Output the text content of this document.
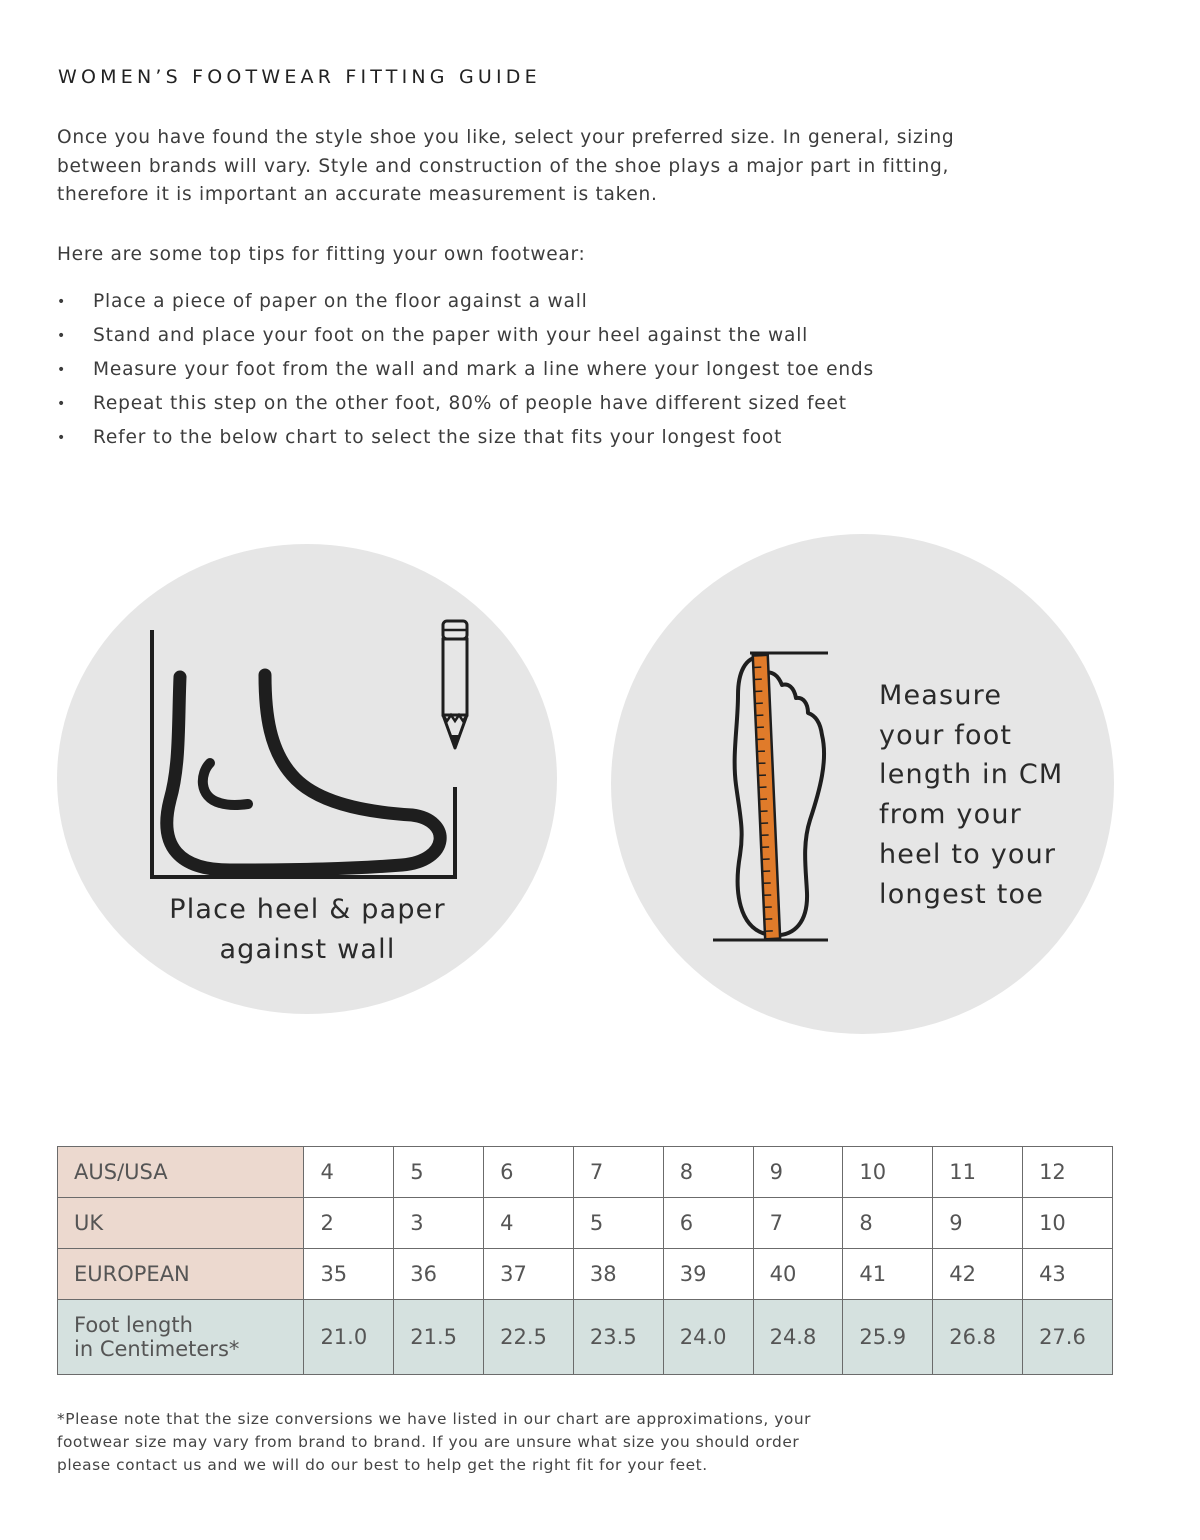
WOMEN’S FOOTWEAR FITTING GUIDE

Once you have found the style shoe you like, select your preferred size. In general, sizing between brands will vary. Style and construction of the shoe plays a major part in fitting, therefore it is important an accurate measurement is taken.

Here are some top tips for fitting your own footwear:

• Place a piece of paper on the floor against a wall
• Stand and place your foot on the paper with your heel against the wall
• Measure your foot from the wall and mark a line where your longest toe ends
• Repeat this step on the other foot, 80% of people have different sized feet
• Refer to the below chart to select the size that fits your longest foot

Place heel & paper
against wall

Measure
your foot
length in CM
from your
heel to your
longest toe

AUS/USA	4	5	6	7	8	9	10	11	12
UK	2	3	4	5	6	7	8	9	10
EUROPEAN	35	36	37	38	39	40	41	42	43
Foot length
in Centimeters*	21.0	21.5	22.5	23.5	24.0	24.8	25.9	26.8	27.6

*Please note that the size conversions we have listed in our chart are approximations, your footwear size may vary from brand to brand. If you are unsure what size you should order please contact us and we will do our best to help get the right fit for your feet.
